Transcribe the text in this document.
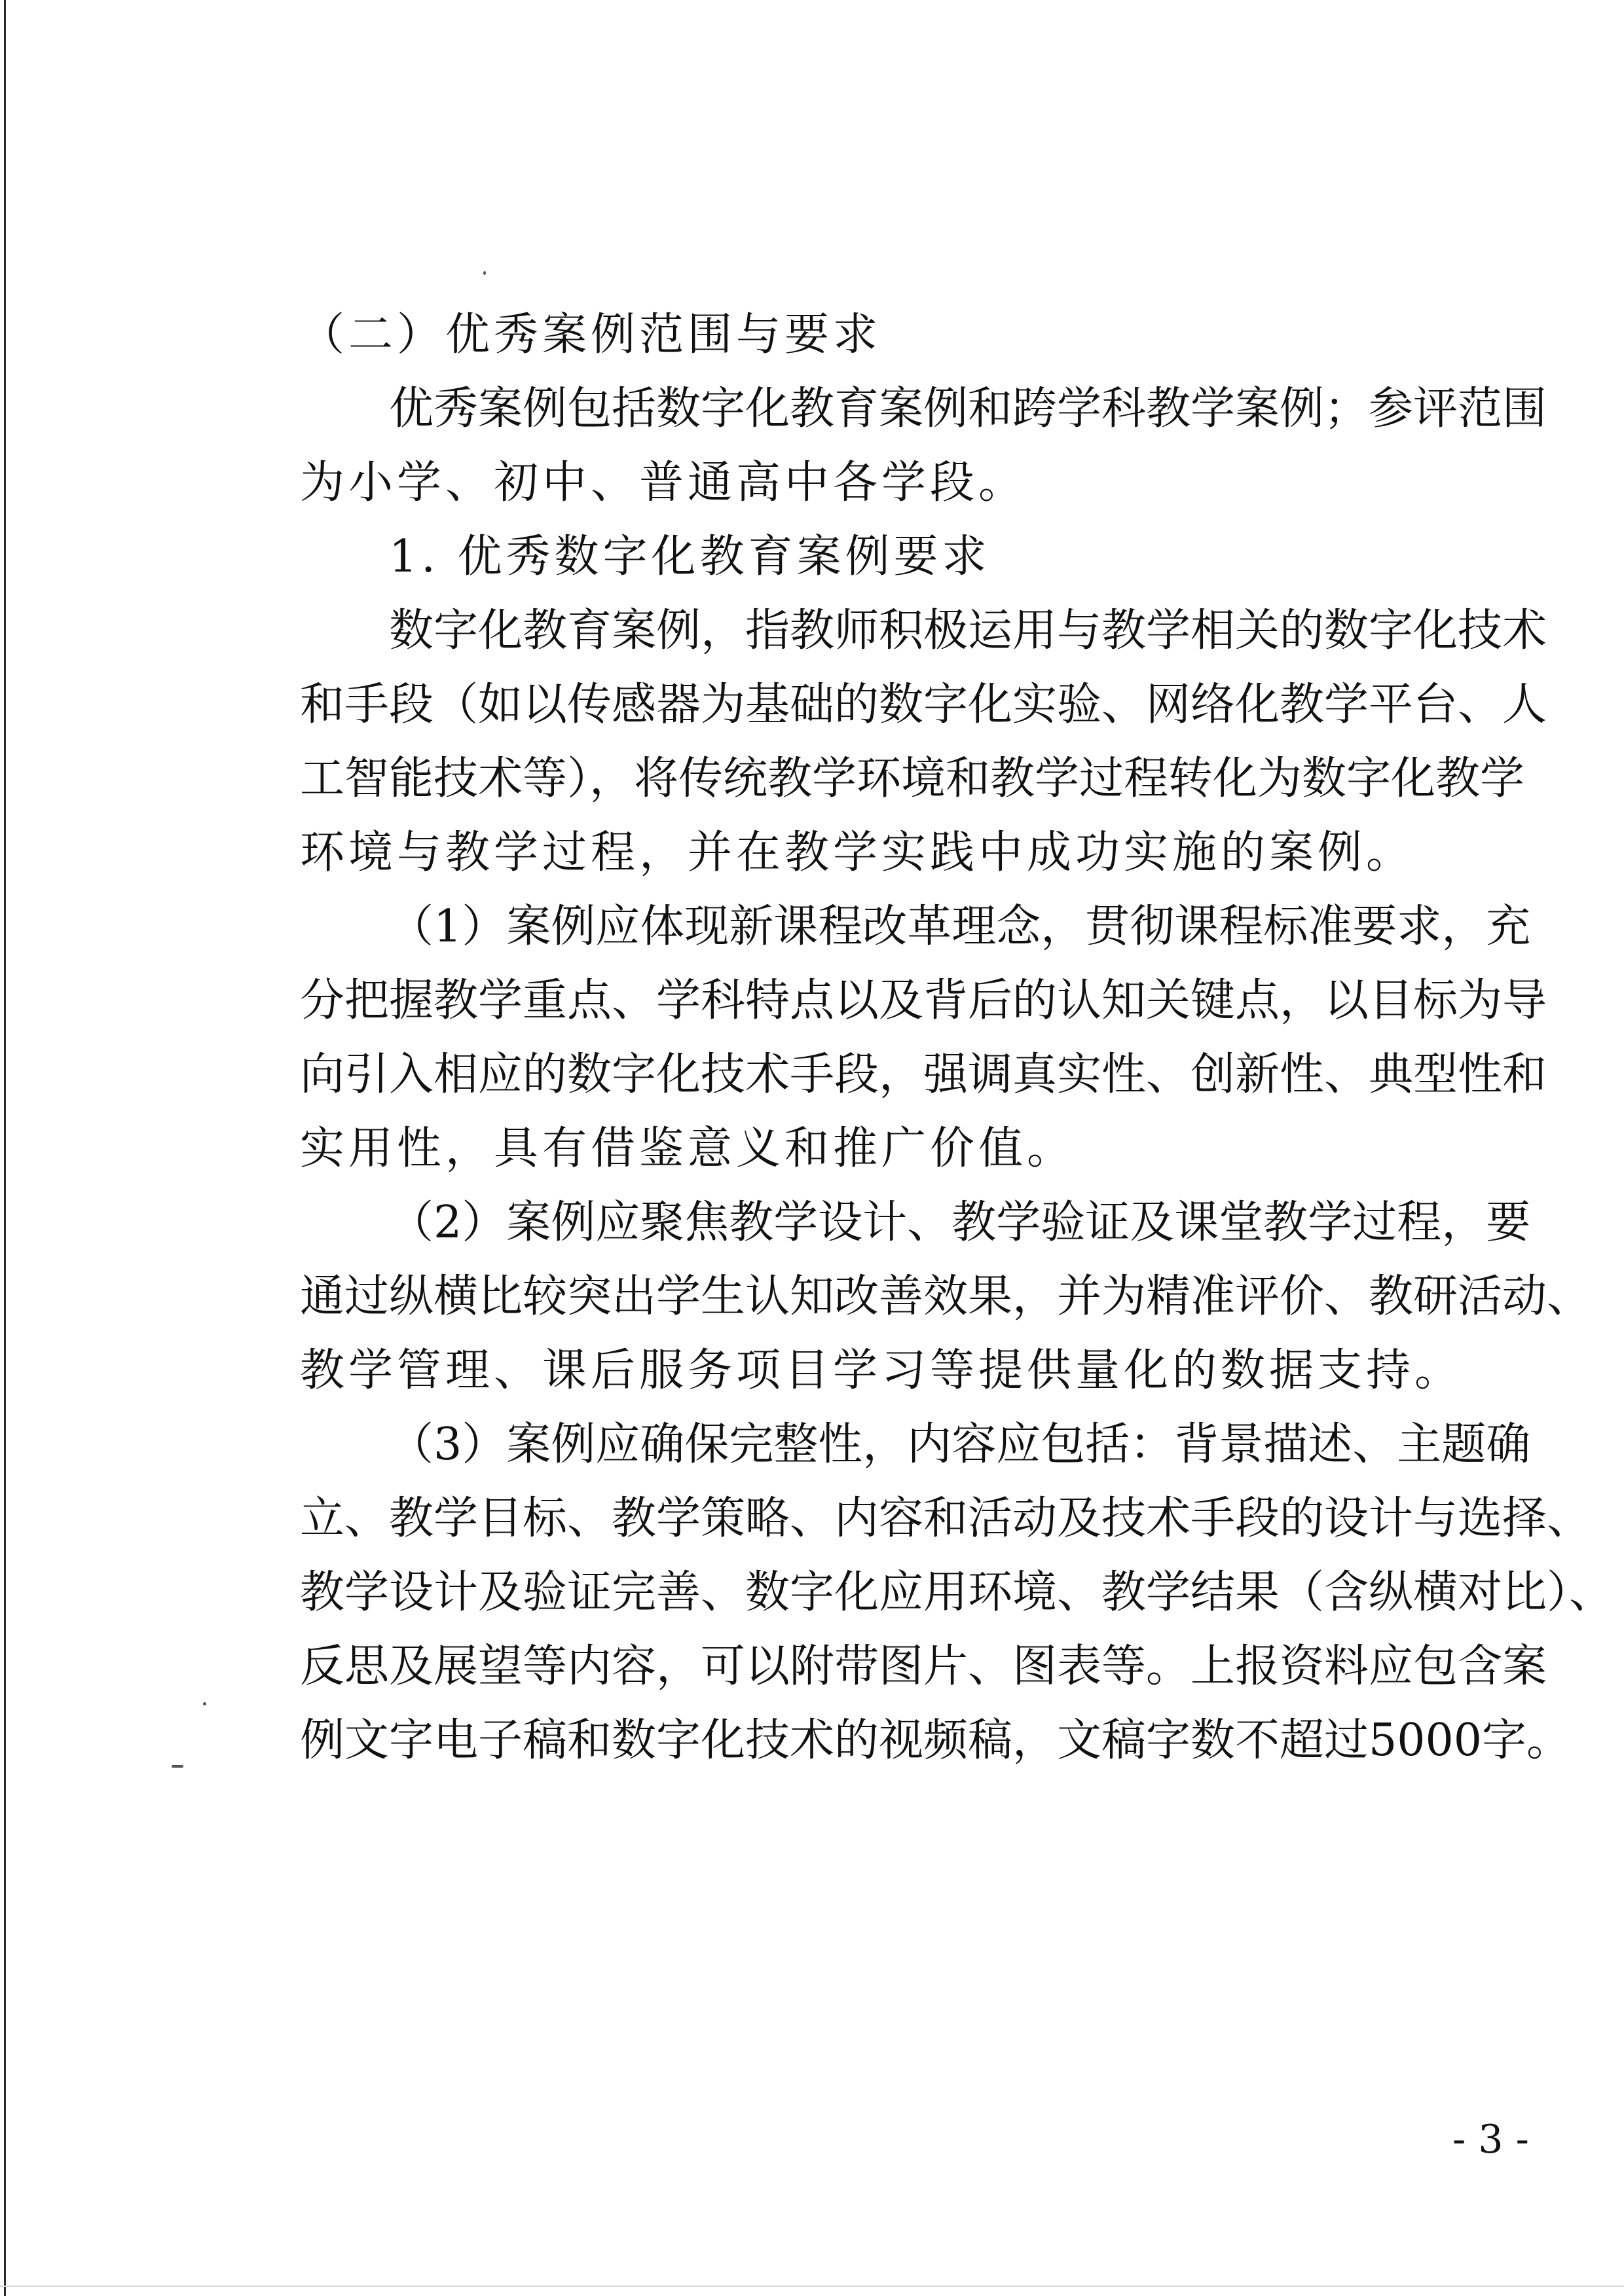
（二）优秀案例范围与要求
优秀案例包括数字化教育案例和跨学科教学案例；参评范围
为小学、初中、普通高中各学段。
1. 优秀数字化教育案例要求
数字化教育案例，指教师积极运用与教学相关的数字化技术
和手段（如以传感器为基础的数字化实验、网络化教学平台、人
工智能技术等），将传统教学环境和教学过程转化为数字化教学
环境与教学过程，并在教学实践中成功实施的案例。
（1）案例应体现新课程改革理念，贯彻课程标准要求，充
分把握教学重点、学科特点以及背后的认知关键点，以目标为导
向引入相应的数字化技术手段，强调真实性、创新性、典型性和
实用性，具有借鉴意义和推广价值。
（2）案例应聚焦教学设计、教学验证及课堂教学过程，要
通过纵横比较突出学生认知改善效果，并为精准评价、教研活动、
教学管理、课后服务项目学习等提供量化的数据支持。
（3）案例应确保完整性，内容应包括：背景描述、主题确
立、教学目标、教学策略、内容和活动及技术手段的设计与选择、
教学设计及验证完善、数字化应用环境、教学结果（含纵横对比）、
反思及展望等内容，可以附带图片、图表等。上报资料应包含案
例文字电子稿和数字化技术的视频稿，文稿字数不超过5000字。
- 3 -
